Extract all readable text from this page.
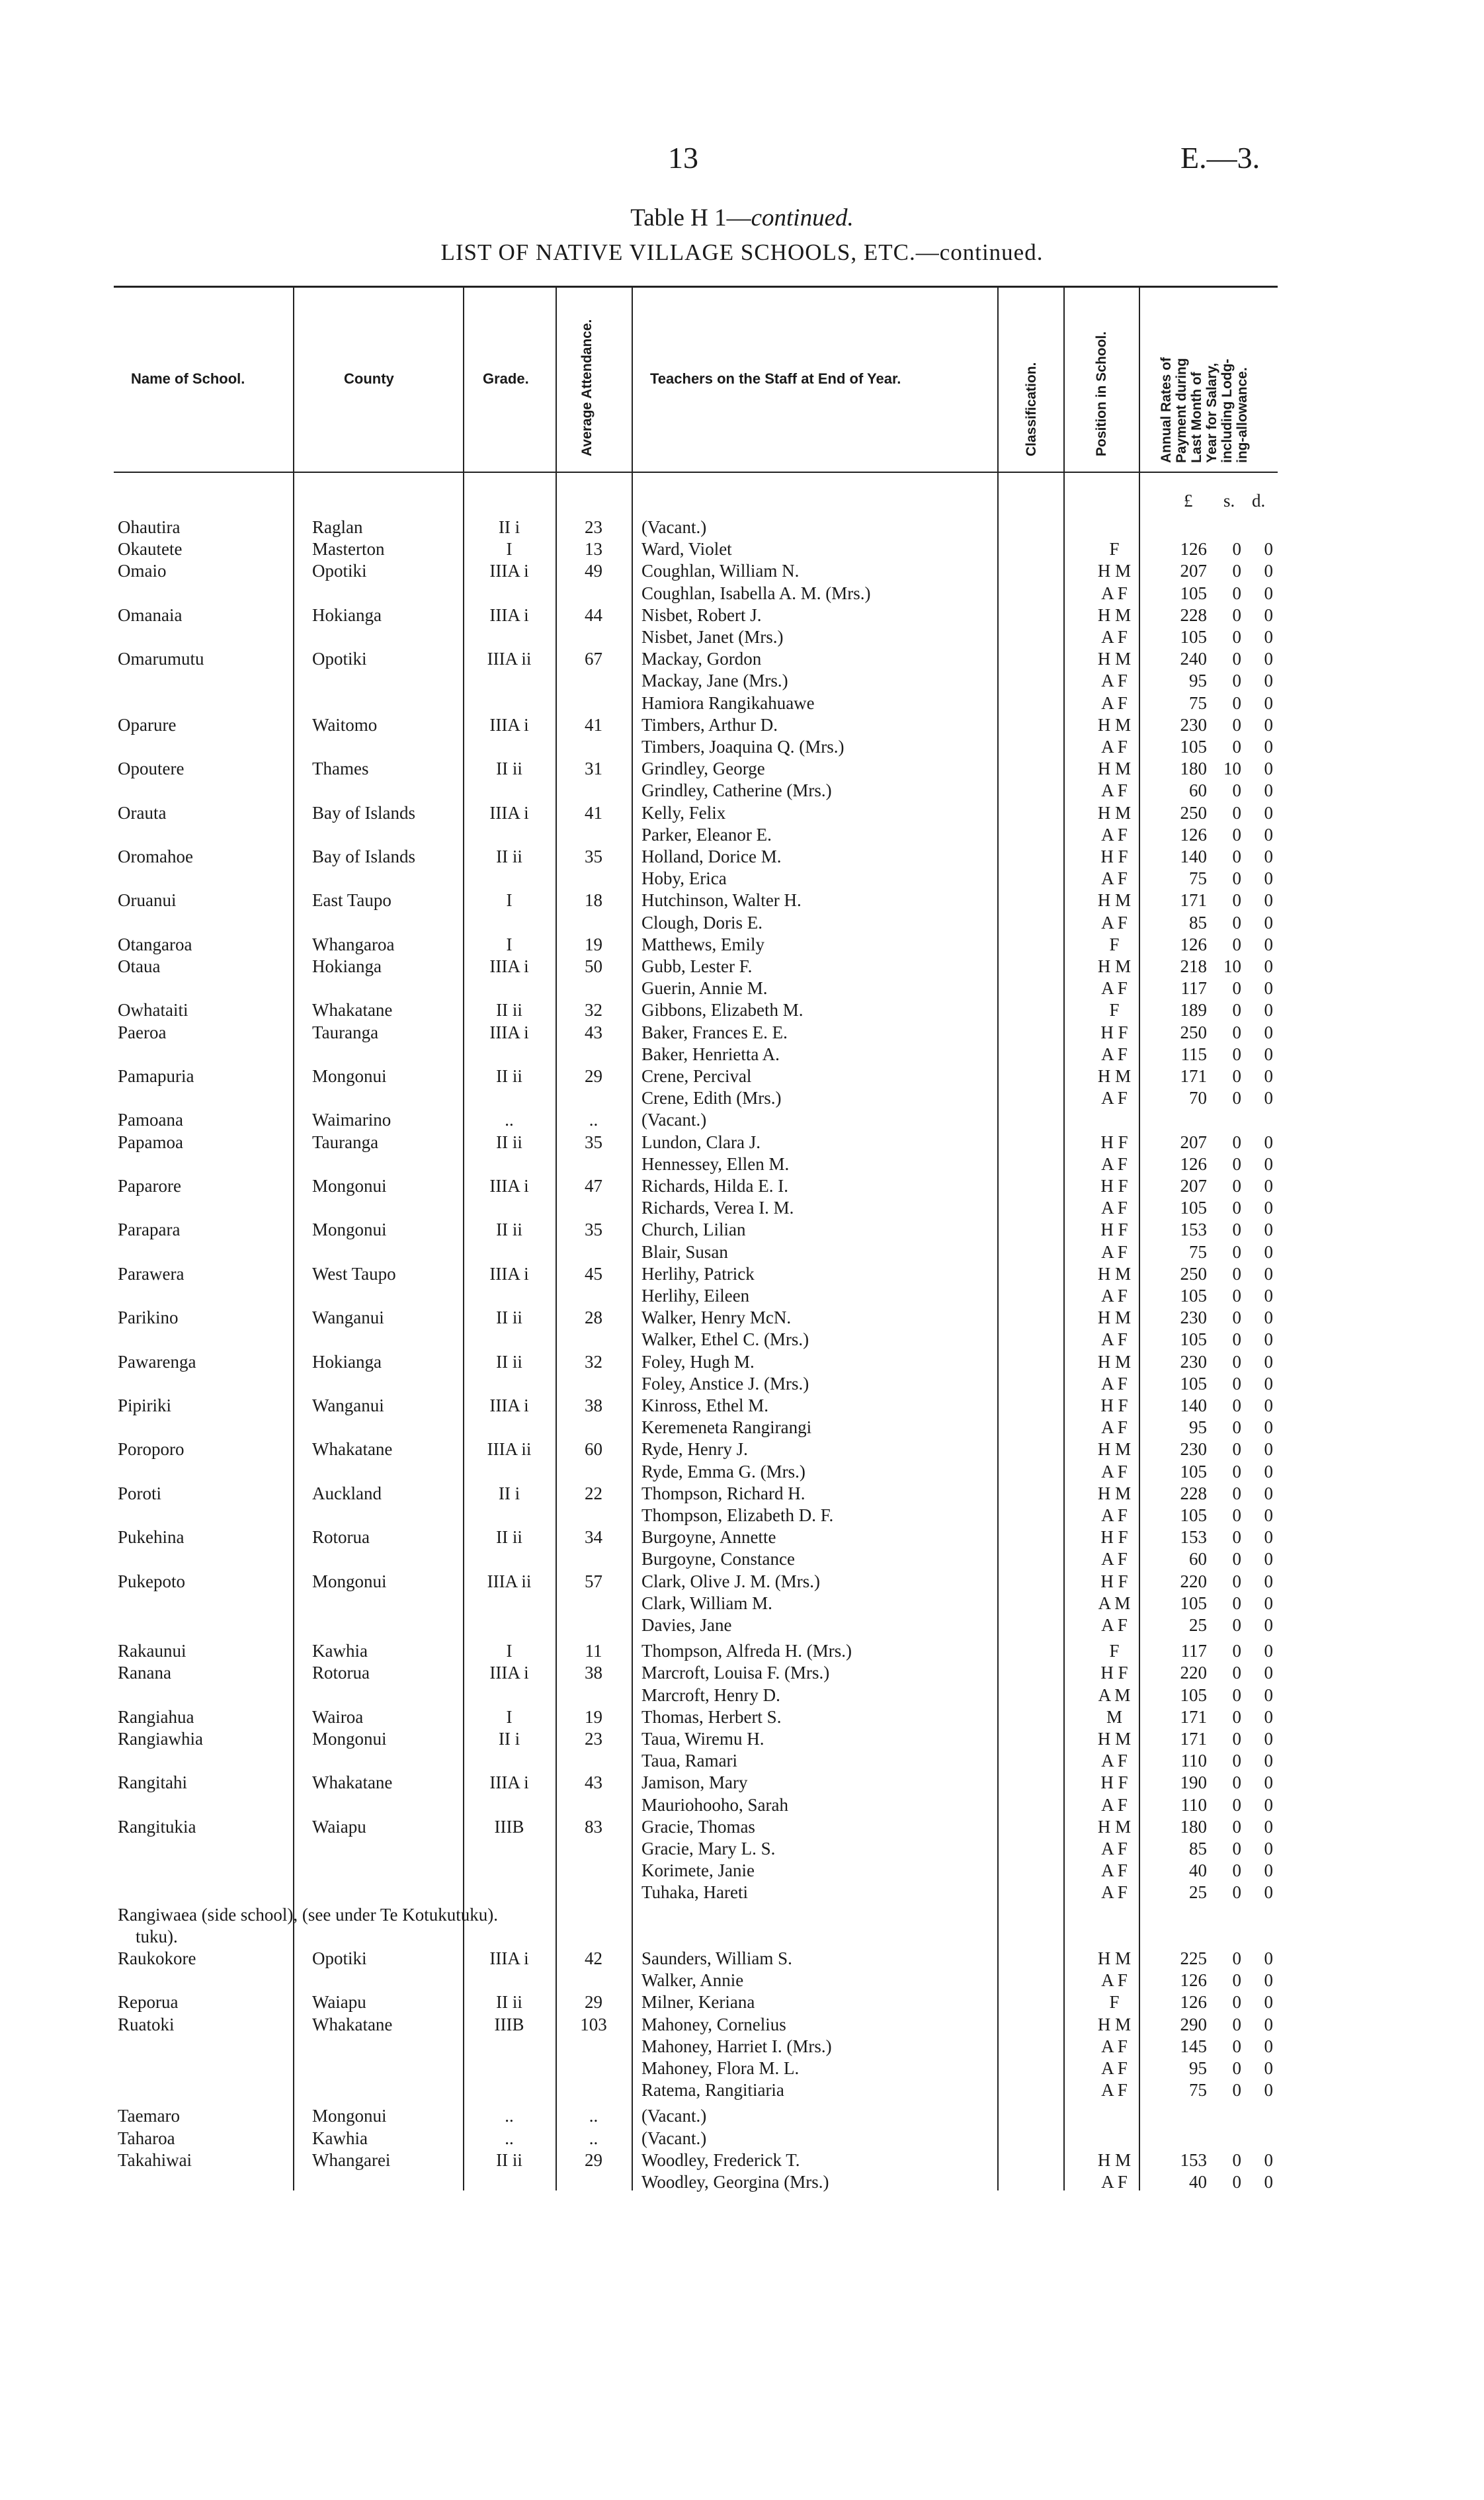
13	E.—3.
Table H 1—continued.
LIST OF NATIVE VILLAGE SCHOOLS, ETC.—continued.
Name of School.	County	Grade.	Average Attendance.	Teachers on the Staff at End of Year.	Classification.	Position in School.	Annual Rates of Payment during Last Month of Year for Salary, including Lodg- ing-allowance.
£ s. d.
Ohautira	Raglan	II i	23	(Vacant.)
Okautete	Masterton	I	13	Ward, Violet	F	126	0	0
Omaio	Opotiki	IIIA i	49	Coughlan, William N.	H M	207	0	0
Coughlan, Isabella A. M. (Mrs.)	A F	105	0	0
Omanaia	Hokianga	IIIA i	44	Nisbet, Robert J.	H M	228	0	0
Nisbet, Janet (Mrs.)	A F	105	0	0
Omarumutu	Opotiki	IIIA ii	67	Mackay, Gordon	H M	240	0	0
Mackay, Jane (Mrs.)	A F	95	0	0
Hamiora Rangikahuawe	A F	75	0	0
Oparure	Waitomo	IIIA i	41	Timbers, Arthur D.	H M	230	0	0
Timbers, Joaquina Q. (Mrs.)	A F	105	0	0
Opoutere	Thames	II ii	31	Grindley, George	H M	180 10	0
Grindley, Catherine (Mrs.)	A F	60	0	0
Orauta	Bay of Islands	IIIA i	41	Kelly, Felix	H M	250	0	0
Parker, Eleanor E.	A F	126	0	0
Oromahoe	Bay of Islands	II ii	35	Holland, Dorice M.	H F	140	0	0
Hoby, Erica	A F	75	0	0
Oruanui	East Taupo	I	18	Hutchinson, Walter H.	H M	171	0	0
Clough, Doris E.	A F	85	0	0
Otangaroa	Whangaroa	I	19	Matthews, Emily	F	126	0	0
Otaua	Hokianga	IIIA i	50	Gubb, Lester F.	H M	218 10	0
Guerin, Annie M.	A F	117	0	0
Owhataiti	Whakatane	II ii	32	Gibbons, Elizabeth M.	F	189	0	0
Paeroa	Tauranga	IIIA i	43	Baker, Frances E. E.	H F	250	0	0
Baker, Henrietta A.	A F	115	0	0
Pamapuria	Mongonui	II ii	29	Crene, Percival	H M	171	0	0
Crene, Edith (Mrs.)	A F	70	0	0
Pamoana	Waimarino	..	..	(Vacant.)
Papamoa	Tauranga	II ii	35	Lundon, Clara J.	H F	207	0	0
Hennessey, Ellen M.	A F	126	0	0
Paparore	Mongonui	IIIA i	47	Richards, Hilda E. I.	H F	207	0	0
Richards, Verea I. M.	A F	105	0	0
Parapara	Mongonui	II ii	35	Church, Lilian	H F	153	0	0
Blair, Susan	A F	75	0	0
Parawera	West Taupo	IIIA i	45	Herlihy, Patrick	H M	250	0	0
Herlihy, Eileen	A F	105	0	0
Parikino	Wanganui	II ii	28	Walker, Henry McN.	H M	230	0	0
Walker, Ethel C. (Mrs.)	A F	105	0	0
Pawarenga	Hokianga	II ii	32	Foley, Hugh M.	H M	230	0	0
Foley, Anstice J. (Mrs.)	A F	105	0	0
Pipiriki	Wanganui	IIIA i	38	Kinross, Ethel M.	H F	140	0	0
Keremeneta Rangirangi	A F	95	0	0
Poroporo	Whakatane	IIIA ii	60	Ryde, Henry J.	H M	230	0	0
Ryde, Emma G. (Mrs.)	A F	105	0	0
Poroti	Auckland	II i	22	Thompson, Richard H.	H M	228	0	0
Thompson, Elizabeth D. F.	A F	105	0	0
Pukehina	Rotorua	II ii	34	Burgoyne, Annette	H F	153	0	0
Burgoyne, Constance	A F	60	0	0
Pukepoto	Mongonui	IIIA ii	57	Clark, Olive J. M. (Mrs.)	H F	220	0	0
Clark, William M.	A M	105	0	0
Davies, Jane	A F	25	0	0
Rakaunui	Kawhia	I	11	Thompson, Alfreda H. (Mrs.)	F	117	0	0
Ranana	Rotorua	IIIA i	38	Marcroft, Louisa F. (Mrs.)	H F	220	0	0
Marcroft, Henry D.	A M	105	0	0
Rangiahua	Wairoa	I	19	Thomas, Herbert S.	M	171	0	0
Rangiawhia	Mongonui	II i	23	Taua, Wiremu H.	H M	171	0	0
Taua, Ramari	A F	110	0	0
Rangitahi	Whakatane	IIIA i	43	Jamison, Mary	H F	190	0	0
Mauriohooho, Sarah	A F	110	0	0
Rangitukia	Waiapu	IIIB	83	Gracie, Thomas	H M	180	0	0
Gracie, Mary L. S.	A F	85	0	0
Korimete, Janie	A F	40	0	0
Tuhaka, Hareti	A F	25	0	0
Rangiwaea (side school), (see under Te Kotukutuku).
tuku).
Raukokore	Opotiki	IIIA i	42	Saunders, William S.	H M	225	0	0
Walker, Annie	A F	126	0	0
Reporua	Waiapu	II ii	29	Milner, Keriana	F	126	0	0
Ruatoki	Whakatane	IIIB	103	Mahoney, Cornelius	H M	290	0	0
Mahoney, Harriet I. (Mrs.)	A F	145	0	0
Mahoney, Flora M. L.	A F	95	0	0
Ratema, Rangitiaria	A F	75	0	0
Taemaro	Mongonui	..	..	(Vacant.)
Taharoa	Kawhia	..	..	(Vacant.)
Takahiwai	Whangarei	II ii	29	Woodley, Frederick T.	H M	153	0	0
Woodley, Georgina (Mrs.)	A F	40	0	0
